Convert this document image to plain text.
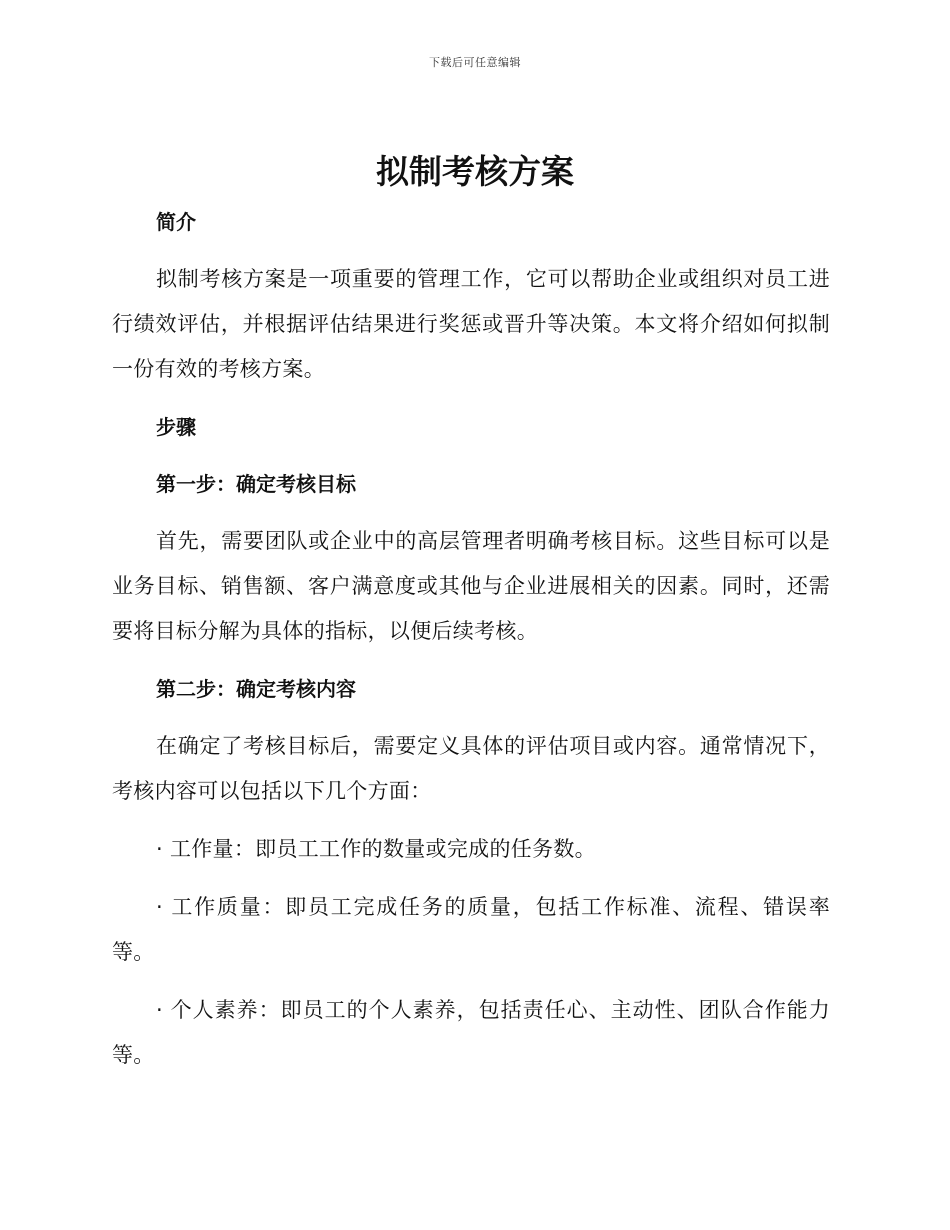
下载后可任意编辑
拟制考核方案

简介

拟制考核方案是一项重要的管理工作，它可以帮助企业或组织对员工进行绩效评估，并根据评估结果进行奖惩或晋升等决策。本文将介绍如何拟制一份有效的考核方案。

步骤

第一步：确定考核目标

首先，需要团队或企业中的高层管理者明确考核目标。这些目标可以是业务目标、销售额、客户满意度或其他与企业进展相关的因素。同时，还需要将目标分解为具体的指标，以便后续考核。

第二步：确定考核内容

在确定了考核目标后，需要定义具体的评估项目或内容。通常情况下，考核内容可以包括以下几个方面：

· 工作量：即员工工作的数量或完成的任务数。

· 工作质量：即员工完成任务的质量，包括工作标准、流程、错误率等。

· 个人素养：即员工的个人素养，包括责任心、主动性、团队合作能力等。
